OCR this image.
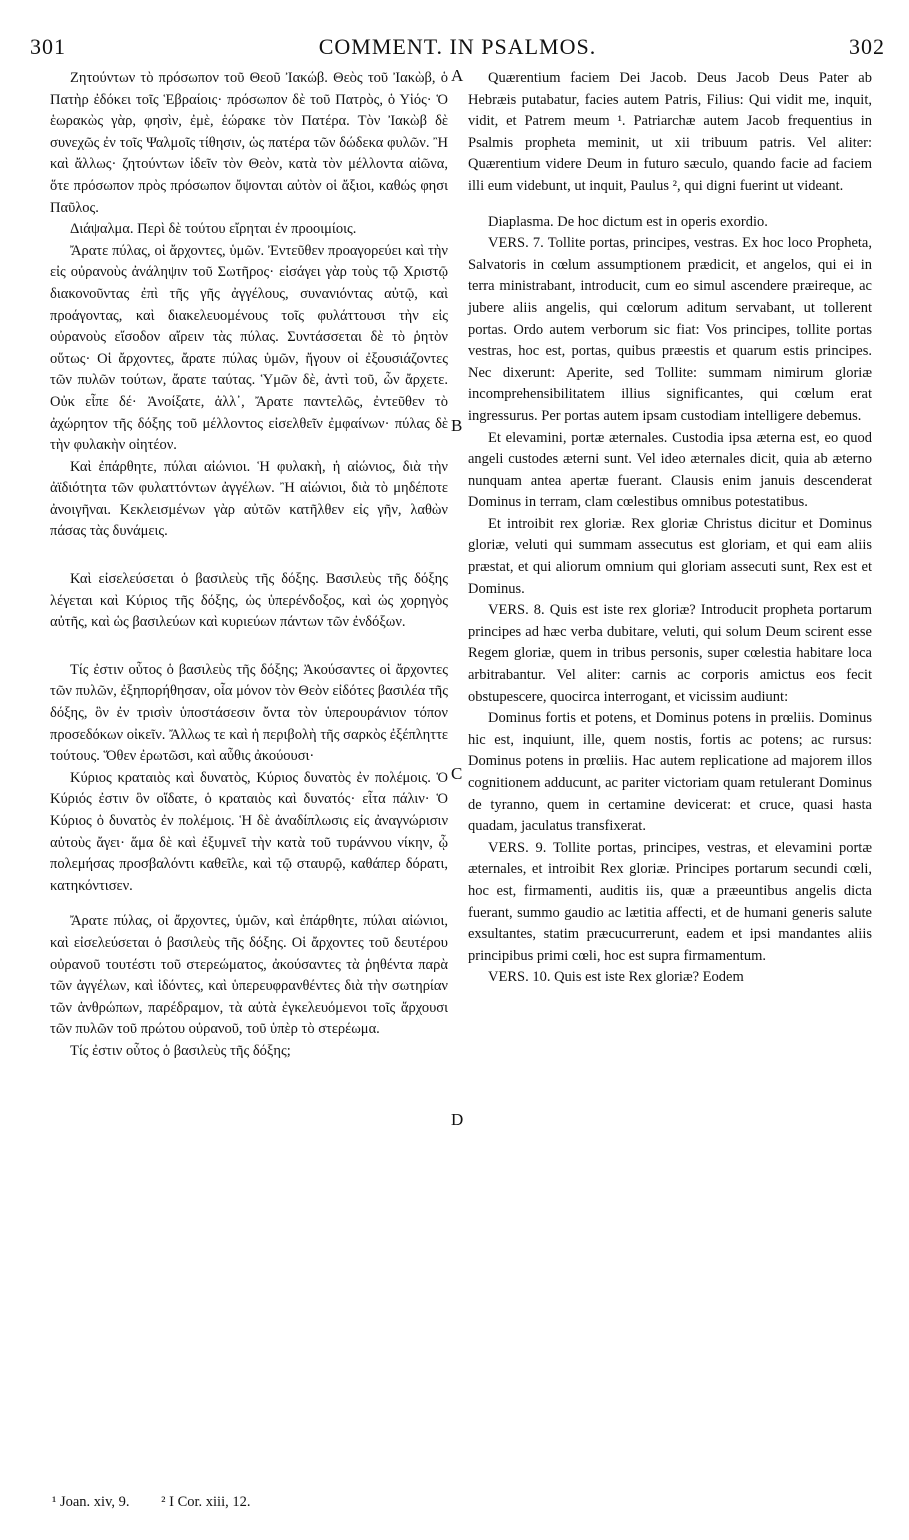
301	COMMENT. IN PSALMOS.	302

Ζητούντων τὸ πρόσωπον τοῦ Θεοῦ Ἰακώβ. Θεὸς τοῦ Ἰακὼβ, ὁ Πατὴρ ἐδόκει τοῖς Ἑβραίοις· πρόσωπον δὲ τοῦ Πατρὸς, ὁ Υἱός· Ὁ ἑωρακὼς γὰρ, φησὶν, ἐμὲ, ἑώρακε τὸν Πατέρα. Τὸν Ἰακὼβ δὲ συνεχῶς ἐν τοῖς Ψαλμοῖς τίθησιν, ὡς πατέρα τῶν δώδεκα φυλῶν. Ἢ καὶ ἄλλως· ζητούντων ἰδεῖν τὸν Θεὸν, κατὰ τὸν μέλλοντα αἰῶνα, ὅτε πρόσωπον πρὸς πρόσωπον ὄψονται αὐτὸν οἱ ἄξιοι, καθώς φησι Παῦλος.

Διάψαλμα. Περὶ δὲ τούτου εἴρηται ἐν προοιμίοις.

Ἄρατε πύλας, οἱ ἄρχοντες, ὑμῶν. Ἐντεῦθεν προαγορεύει καὶ τὴν εἰς οὐρανοὺς ἀνάληψιν τοῦ Σωτῆρος· εἰσάγει γὰρ τοὺς τῷ Χριστῷ διακονοῦντας ἐπὶ τῆς γῆς ἀγγέλους, συνανιόντας αὐτῷ, καὶ προάγοντας, καὶ διακελευομένους τοῖς φυλάττουσι τὴν εἰς οὐρανοὺς εἴσοδον αἴρειν τὰς πύλας. Συντάσσεται δὲ τὸ ῥητὸν οὕτως· Οἱ ἄρχοντες, ἄρατε πύλας ὑμῶν, ἤγουν οἱ ἐξουσιάζοντες τῶν πυλῶν τούτων, ἄρατε ταύτας. Ὑμῶν δὲ, ἀντὶ τοῦ, ὧν ἄρχετε. Οὐκ εἶπε δέ· Ἀνοίξατε, ἀλλ᾽, Ἄρατε παντελῶς, ἐντεῦθεν τὸ ἀχώρητον τῆς δόξης τοῦ μέλλοντος εἰσελθεῖν ἐμφαίνων· πύλας δὲ τὴν φυλακὴν οἰητέον.

Καὶ ἐπάρθητε, πύλαι αἰώνιοι. Ἡ φυλακὴ, ἡ αἰώνιος, διὰ τὴν ἀϊδιότητα τῶν φυλαττόντων ἀγγέλων. Ἢ αἰώνιοι, διὰ τὸ μηδέποτε ἀνοιγῆναι. Κεκλεισμένων γὰρ αὐτῶν κατῆλθεν εἰς γῆν, λαθὼν πάσας τὰς δυνάμεις.

Καὶ εἰσελεύσεται ὁ βασιλεὺς τῆς δόξης. Βασιλεὺς τῆς δόξης λέγεται καὶ Κύριος τῆς δόξης, ὡς ὑπερένδοξος, καὶ ὡς χορηγὸς αὐτῆς, καὶ ὡς βασιλεύων καὶ κυριεύων πάντων τῶν ἐνδόξων.

Τίς ἐστιν οὗτος ὁ βασιλεὺς τῆς δόξης; Ἀκούσαντες οἱ ἄρχοντες τῶν πυλῶν, ἐξηπορήθησαν, οἷα μόνον τὸν Θεὸν εἰδότες βασιλέα τῆς δόξης, ὃν ἐν τρισὶν ὑποστάσεσιν ὄντα τὸν ὑπερουράνιον τόπον προσεδόκων οἰκεῖν. Ἄλλως τε καὶ ἡ περιβολὴ τῆς σαρκὸς ἐξέπληττε τούτους. Ὅθεν ἐρωτῶσι, καὶ αὖθις ἀκούουσι·

Κύριος κραταιὸς καὶ δυνατὸς, Κύριος δυνατὸς ἐν πολέμοις. Ὁ Κύριός ἐστιν ὃν οἴδατε, ὁ κραταιὸς καὶ δυνατός· εἶτα πάλιν· Ὁ Κύριος ὁ δυνατὸς ἐν πολέμοις. Ἡ δὲ ἀναδίπλωσις εἰς ἀναγνώρισιν αὐτοὺς ἄγει· ἅμα δὲ καὶ ἐξυμνεῖ τὴν κατὰ τοῦ τυράννου νίκην, ᾧ πολεμήσας προσβαλόντι καθεῖλε, καὶ τῷ σταυρῷ, καθάπερ δόρατι, κατηκόντισεν.

Ἄρατε πύλας, οἱ ἄρχοντες, ὑμῶν, καὶ ἐπάρθητε, πύλαι αἰώνιοι, καὶ εἰσελεύσεται ὁ βασιλεὺς τῆς δόξης. Οἱ ἄρχοντες τοῦ δευτέρου οὐρανοῦ τουτέστι τοῦ στερεώματος, ἀκούσαντες τὰ ῥηθέντα παρὰ τῶν ἀγγέλων, καὶ ἰδόντες, καὶ ὑπερευφρανθέντες διὰ τὴν σωτηρίαν τῶν ἀνθρώπων, παρέδραμον, τὰ αὐτὰ ἐγκελευόμενοι τοῖς ἄρχουσι τῶν πυλῶν τοῦ πρώτου οὐρανοῦ, τοῦ ὑπὲρ τὸ στερέωμα.

Τίς ἐστιν οὗτος ὁ βασιλεὺς τῆς δόξης;

Quærentium faciem Dei Jacob. Deus Jacob Deus Pater ab Hebræis putabatur, facies autem Patris, Filius: Qui vidit me, inquit, vidit, et Patrem meum ¹. Patriarchæ autem Jacob frequentius in Psalmis propheta meminit, ut xii tribuum patris. Vel aliter: Quærentium videre Deum in futuro sæculo, quando facie ad faciem illi eum videbunt, ut inquit, Paulus ², qui digni fuerint ut videant.

Diaplasma. De hoc dictum est in operis exordio.

VERS. 7. Tollite portas, principes, vestras. Ex hoc loco Propheta, Salvatoris in cœlum assumptionem prædicit, et angelos, qui ei in terra ministrabant, introducit, cum eo simul ascendere præireque, ac jubere aliis angelis, qui cœlorum aditum servabant, ut tollerent portas. Ordo autem verborum sic fiat: Vos principes, tollite portas vestras, hoc est, portas, quibus præestis et quarum estis principes. Nec dixerunt: Aperite, sed Tollite: summam nimirum gloriæ incomprehensibilitatem illius significantes, qui cœlum erat ingressurus. Per portas autem ipsam custodiam intelligere debemus.

Et elevamini, portæ æternales. Custodia ipsa æterna est, eo quod angeli custodes æterni sunt. Vel ideo æternales dicit, quia ab æterno nunquam antea apertæ fuerant. Clausis enim januis descenderat Dominus in terram, clam cœlestibus omnibus potestatibus.

Et introibit rex gloriæ. Rex gloriæ Christus dicitur et Dominus gloriæ, veluti qui summam assecutus est gloriam, et qui eam aliis præstat, et qui aliorum omnium qui gloriam assecuti sunt, Rex est et Dominus.

VERS. 8. Quis est iste rex gloriæ? Introducit propheta portarum principes ad hæc verba dubitare, veluti, qui solum Deum scirent esse Regem gloriæ, quem in tribus personis, super cœlestia habitare loca arbitrabantur. Vel aliter: carnis ac corporis amictus eos fecit obstupescere, quocirca interrogant, et vicissim audiunt:

Dominus fortis et potens, et Dominus potens in prœliis. Dominus hic est, inquiunt, ille, quem nostis, fortis ac potens; ac rursus: Dominus potens in prœliis. Hac autem replicatione ad majorem illos cognitionem adducunt, ac pariter victoriam quam retulerant Dominus de tyranno, quem in certamine devicerat: et cruce, quasi hasta quadam, jaculatus transfixerat.

VERS. 9. Tollite portas, principes, vestras, et elevamini portæ æternales, et introibit Rex gloriæ. Principes portarum secundi cœli, hoc est, firmamenti, auditis iis, quæ a præeuntibus angelis dicta fuerant, summo gaudio ac lætitia affecti, et de humani generis salute exsultantes, statim præcucurrerunt, eadem et ipsi mandantes aliis principibus primi cœli, hoc est supra firmamentum.

VERS. 10. Quis est iste Rex gloriæ? Eodem

A
B
C
D
¹ Joan. xiv, 9. ² I Cor. xiii, 12.
